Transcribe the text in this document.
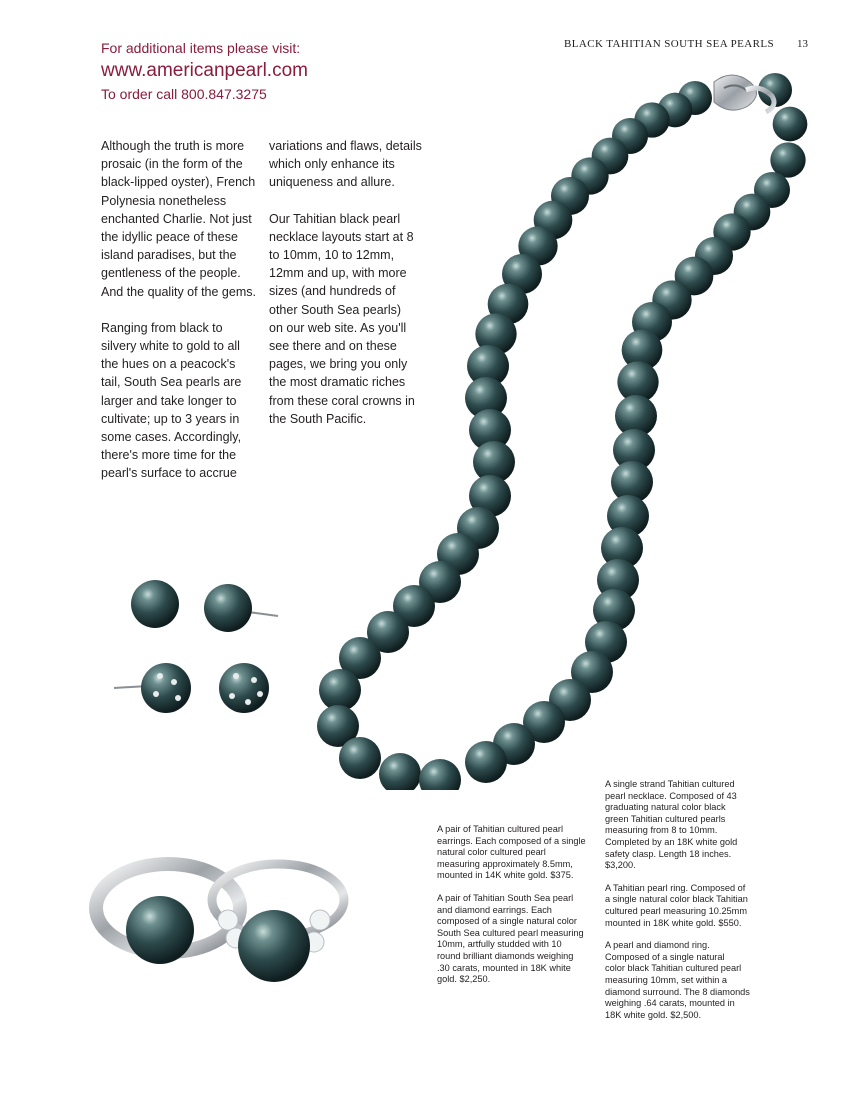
BLACK TAHITIAN SOUTH SEA PEARLS 13
For additional items please visit:
www.americanpearl.com
To order call 800.847.3275

Although the truth is more
prosaic (in the form of the
black-lipped oyster), French
Polynesia nonetheless
enchanted Charlie. Not just
the idyllic peace of these
island paradises, but the
gentleness of the people.
And the quality of the gems.

Ranging from black to
silvery white to gold to all
the hues on a peacock's
tail, South Sea pearls are
larger and take longer to
cultivate; up to 3 years in
some cases. Accordingly,
there's more time for the
pearl's surface to accrue

variations and flaws, details
which only enhance its
uniqueness and allure.

Our Tahitian black pearl
necklace layouts start at 8
to 10mm, 10 to 12mm,
12mm and up, with more
sizes (and hundreds of
other South Sea pearls)
on our web site. As you'll
see there and on these
pages, we bring you only
the most dramatic riches
from these coral crowns in
the South Pacific.

A pair of Tahitian cultured pearl
earrings. Each composed of a single
natural color cultured pearl
measuring approximately 8.5mm,
mounted in 14K white gold. $375.

A pair of Tahitian South Sea pearl
and diamond earrings. Each
composed of a single natural color
South Sea cultured pearl measuring
10mm, artfully studded with 10
round brilliant diamonds weighing
.30 carats, mounted in 18K white
gold. $2,250.

A single strand Tahitian cultured
pearl necklace. Composed of 43
graduating natural color black
green Tahitian cultured pearls
measuring from 8 to 10mm.
Completed by an 18K white gold
safety clasp. Length 18 inches.
$3,200.

A Tahitian pearl ring. Composed of
a single natural color black Tahitian
cultured pearl measuring 10.25mm
mounted in 18K white gold. $550.

A pearl and diamond ring.
Composed of a single natural
color black Tahitian cultured pearl
measuring 10mm, set within a
diamond surround. The 8 diamonds
weighing .64 carats, mounted in
18K white gold. $2,500.
